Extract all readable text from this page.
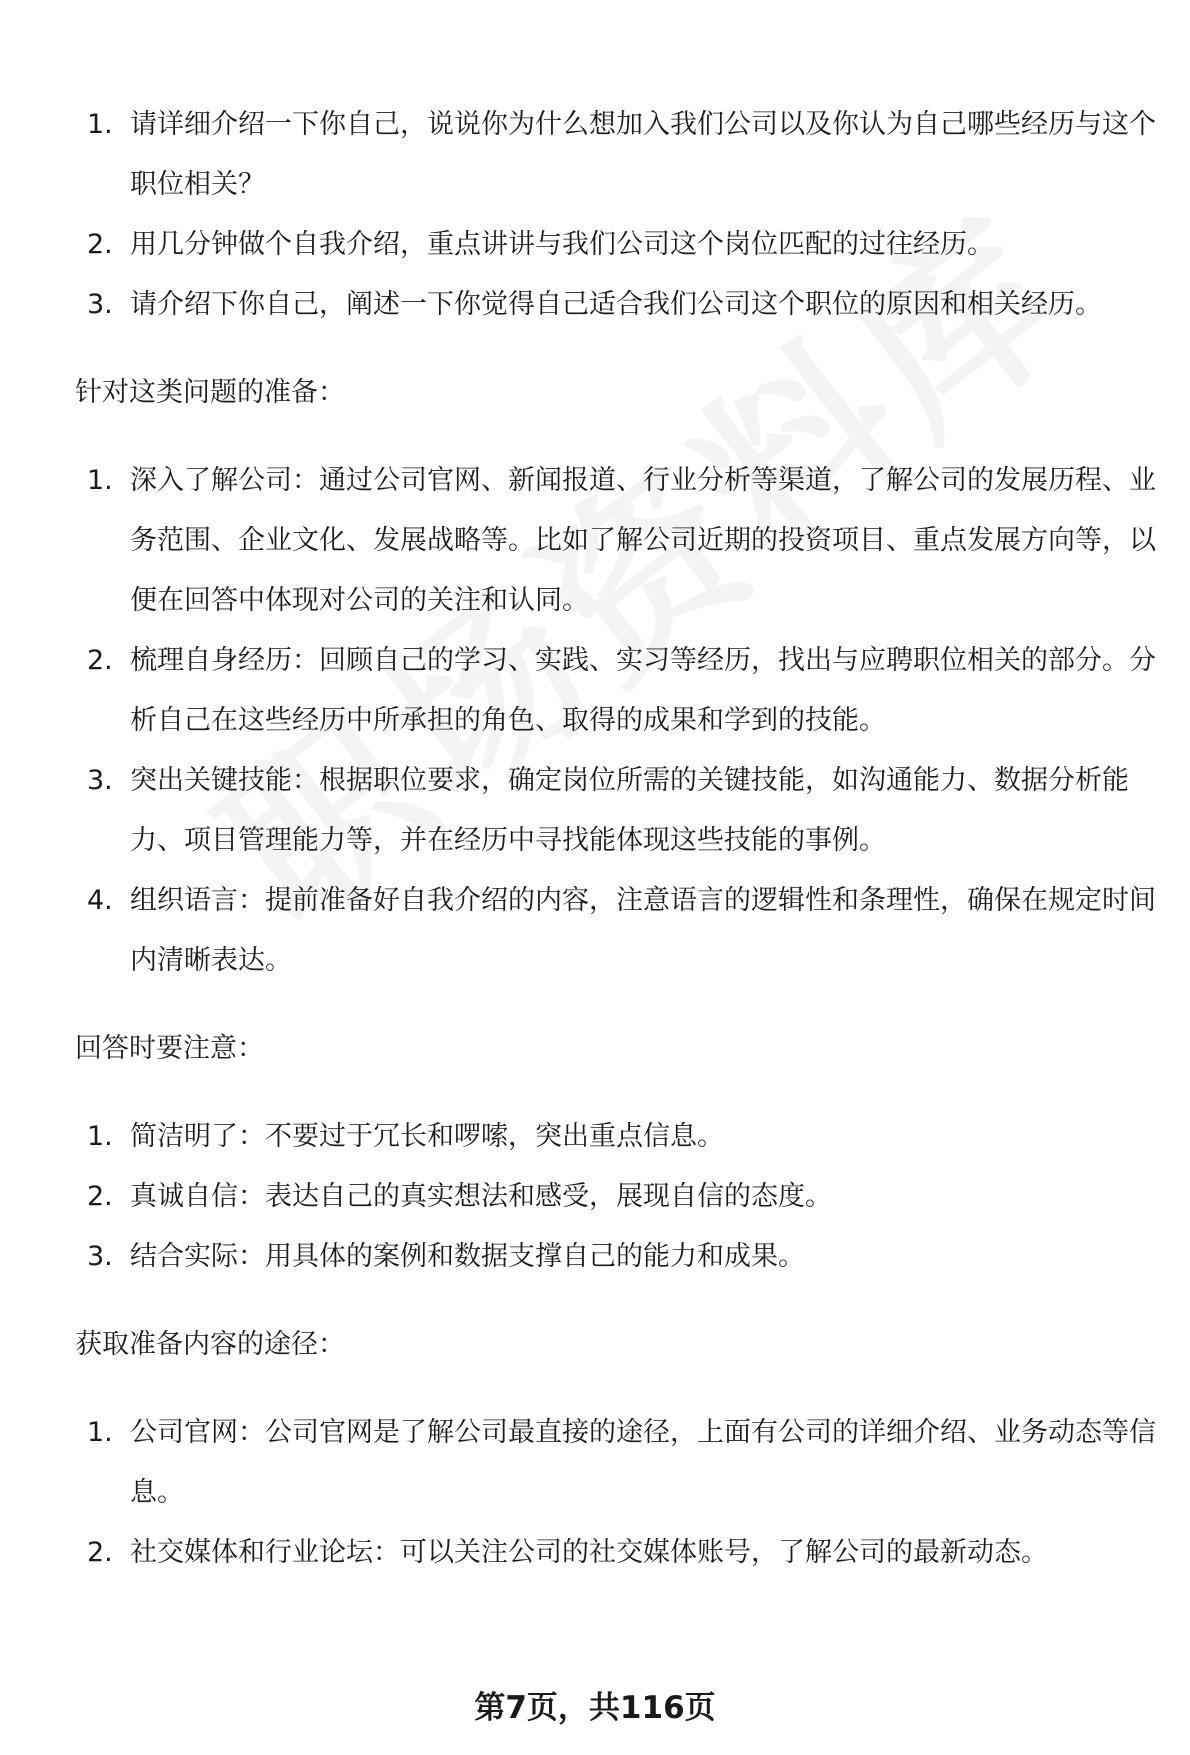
1. 请详细介绍一下你自己，说说你为什么想加入我们公司以及你认为自己哪些经历与这个职位相关？
2. 用几分钟做个自我介绍，重点讲讲与我们公司这个岗位匹配的过往经历。
3. 请介绍下你自己，阐述一下你觉得自己适合我们公司这个职位的原因和相关经历。
针对这类问题的准备：
1. 深入了解公司：通过公司官网、新闻报道、行业分析等渠道，了解公司的发展历程、业务范围、企业文化、发展战略等。比如了解公司近期的投资项目、重点发展方向等，以便在回答中体现对公司的关注和认同。
2. 梳理自身经历：回顾自己的学习、实践、实习等经历，找出与应聘职位相关的部分。分析自己在这些经历中所承担的角色、取得的成果和学到的技能。
3. 突出关键技能：根据职位要求，确定岗位所需的关键技能，如沟通能力、数据分析能力、项目管理能力等，并在经历中寻找能体现这些技能的事例。
4. 组织语言：提前准备好自我介绍的内容，注意语言的逻辑性和条理性，确保在规定时间内清晰表达。
回答时要注意：
1. 简洁明了：不要过于冗长和啰嗦，突出重点信息。
2. 真诚自信：表达自己的真实想法和感受，展现自信的态度。
3. 结合实际：用具体的案例和数据支撑自己的能力和成果。
获取准备内容的途径：
1. 公司官网：公司官网是了解公司最直接的途径，上面有公司的详细介绍、业务动态等信息。
2. 社交媒体和行业论坛：可以关注公司的社交媒体账号，了解公司的最新动态。
第7页，共116页
